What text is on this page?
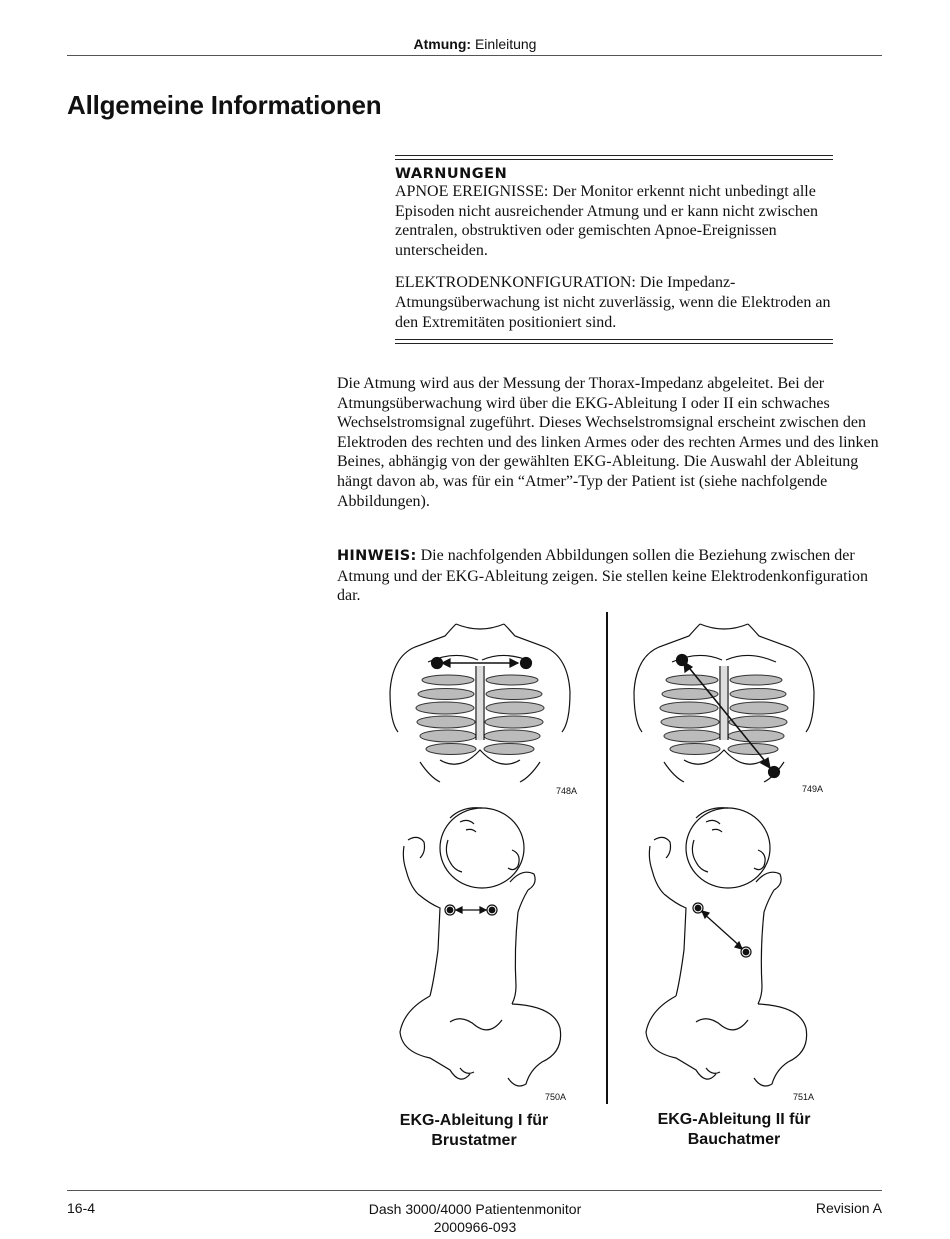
Atmung: Einleitung
Allgemeine Informationen
WARNUNGEN

APNOE EREIGNISSE: Der Monitor erkennt nicht unbedingt alle Episoden nicht ausreichender Atmung und er kann nicht zwischen zentralen, obstruktiven oder gemischten Apnoe-Ereignissen unterscheiden.

ELEKTRODENKONFIGURATION: Die Impedanz-Atmungsüberwachung ist nicht zuverlässig, wenn die Elektroden an den Extremitäten positioniert sind.

Die Atmung wird aus der Messung der Thorax-Impedanz abgeleitet. Bei der Atmungsüberwachung wird über die EKG-Ableitung I oder II ein schwaches Wechselstromsignal zugeführt. Dieses Wechselstromsignal erscheint zwischen den Elektroden des rechten und des linken Armes oder des rechten Armes und des linken Beines, abhängig von der gewählten EKG-Ableitung. Die Auswahl der Ableitung hängt davon ab, was für ein “Atmer”-Typ der Patient ist (siehe nachfolgende Abbildungen).

HINWEIS: Die nachfolgenden Abbildungen sollen die Beziehung zwischen der Atmung und der EKG-Ableitung zeigen. Sie stellen keine Elektrodenkonfiguration dar.
748A	749A
750A	751A
EKG-Ableitung I für
Brustatmer
EKG-Ableitung II für
Bauchatmer
16-4	Dash 3000/4000 Patientenmonitor
2000966-093
Revision A
